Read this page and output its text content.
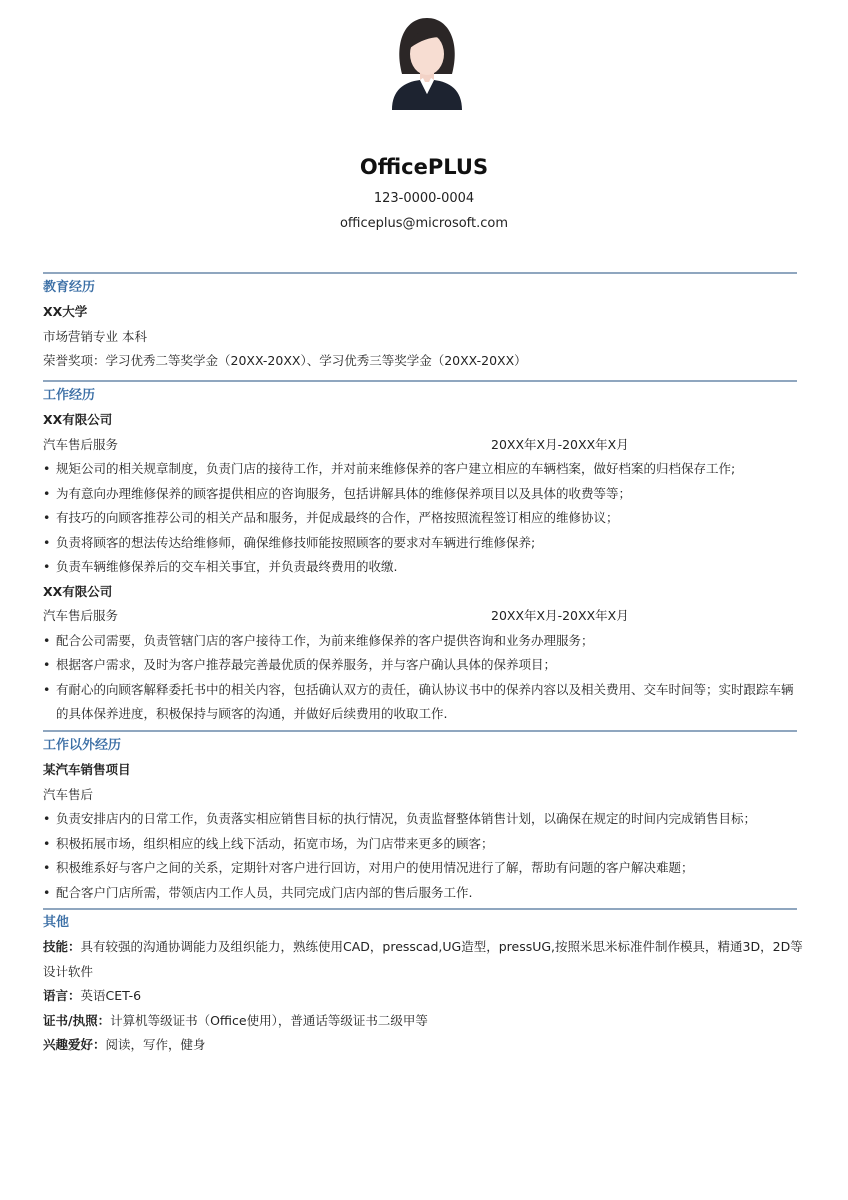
OfficePLUS
123-0000-0004
officeplus@microsoft.com
教育经历
XX大学
市场营销专业 本科
荣誉奖项：学习优秀二等奖学金（20XX-20XX）、学习优秀三等奖学金（20XX-20XX）
工作经历
XX有限公司
汽车售后服务	20XX年X月-20XX年X月
• 规矩公司的相关规章制度，负责门店的接待工作，并对前来维修保养的客户建立相应的车辆档案，做好档案的归档保存工作;
• 为有意向办理维修保养的顾客提供相应的咨询服务，包括讲解具体的维修保养项目以及具体的收费等等；
• 有技巧的向顾客推荐公司的相关产品和服务，并促成最终的合作，严格按照流程签订相应的维修协议；
• 负责将顾客的想法传达给维修师，确保维修技师能按照顾客的要求对车辆进行维修保养;
• 负责车辆维修保养后的交车相关事宜，并负责最终费用的收缴.
XX有限公司
汽车售后服务	20XX年X月-20XX年X月
• 配合公司需要，负责管辖门店的客户接待工作，为前来维修保养的客户提供咨询和业务办理服务；
• 根据客户需求，及时为客户推荐最完善最优质的保养服务，并与客户确认具体的保养项目；
• 有耐心的向顾客解释委托书中的相关内容，包括确认双方的责任，确认协议书中的保养内容以及相关费用、交车时间等；实时跟踪车辆的具体保养进度，积极保持与顾客的沟通，并做好后续费用的收取工作.
工作以外经历
某汽车销售项目
汽车售后
• 负责安排店内的日常工作，负责落实相应销售目标的执行情况，负责监督整体销售计划，以确保在规定的时间内完成销售目标；
• 积极拓展市场，组织相应的线上线下活动，拓宽市场，为门店带来更多的顾客；
• 积极维系好与客户之间的关系，定期针对客户进行回访，对用户的使用情况进行了解，帮助有问题的客户解决难题；
• 配合客户门店所需，带领店内工作人员，共同完成门店内部的售后服务工作.
其他
技能：具有较强的沟通协调能力及组织能力，熟练使用CAD，presscad,UG造型，pressUG,按照米思米标准件制作模具，精通3D，2D等设计软件
语言：英语CET-6
证书/执照：计算机等级证书（Office使用），普通话等级证书二级甲等
兴趣爱好：阅读，写作，健身
